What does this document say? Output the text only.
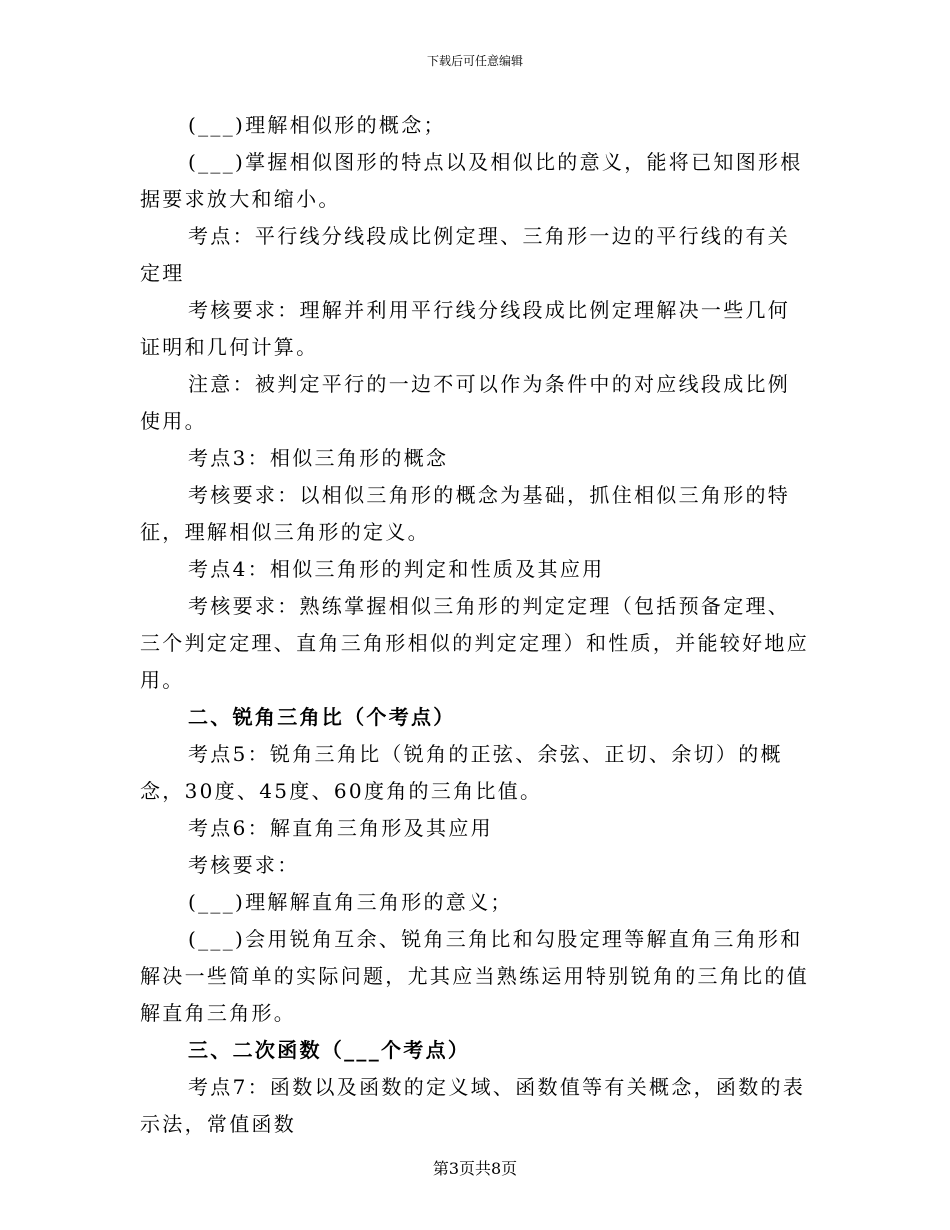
下载后可任意编辑

(___)理解相似形的概念；

(___)掌握相似图形的特点以及相似比的意义，能将已知图形根据要求放大和缩小。

考点：平行线分线段成比例定理、三角形一边的平行线的有关定理

考核要求：理解并利用平行线分线段成比例定理解决一些几何证明和几何计算。

注意：被判定平行的一边不可以作为条件中的对应线段成比例使用。

考点3：相似三角形的概念

考核要求：以相似三角形的概念为基础，抓住相似三角形的特征，理解相似三角形的定义。

考点4：相似三角形的判定和性质及其应用

考核要求：熟练掌握相似三角形的判定定理（包括预备定理、三个判定定理、直角三角形相似的判定定理）和性质，并能较好地应用。

二、锐角三角比（个考点）

考点5：锐角三角比（锐角的正弦、余弦、正切、余切）的概念，30度、45度、60度角的三角比值。

考点6：解直角三角形及其应用

考核要求：

(___)理解解直角三角形的意义；

(___)会用锐角互余、锐角三角比和勾股定理等解直角三角形和解决一些简单的实际问题，尤其应当熟练运用特别锐角的三角比的值解直角三角形。

三、二次函数（___个考点）

考点7：函数以及函数的定义域、函数值等有关概念，函数的表示法，常值函数

第3页共8页
